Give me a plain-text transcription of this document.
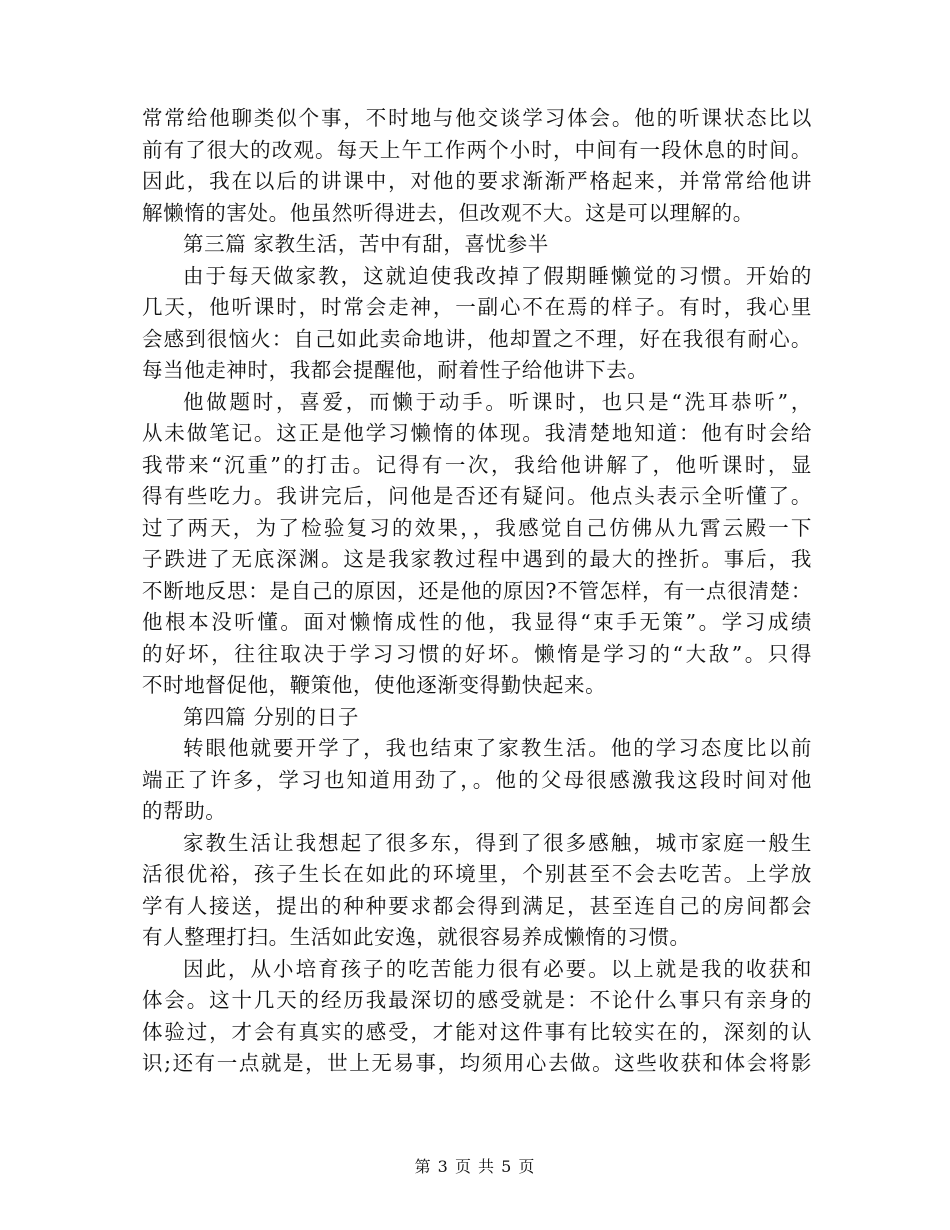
常常给他聊类似个事，不时地与他交谈学习体会。他的听课状态比以
前有了很大的改观。每天上午工作两个小时，中间有一段休息的时间。
因此，我在以后的讲课中，对他的要求渐渐严格起来，并常常给他讲
解懒惰的害处。他虽然听得进去，但改观不大。这是可以理解的。
第三篇 家教生活，苦中有甜，喜忧参半
由于每天做家教，这就迫使我改掉了假期睡懒觉的习惯。开始的
几天，他听课时，时常会走神，一副心不在焉的样子。有时，我心里
会感到很恼火：自己如此卖命地讲，他却置之不理，好在我很有耐心。
每当他走神时，我都会提醒他，耐着性子给他讲下去。
他做题时，喜爱，而懒于动手。听课时，也只是“洗耳恭听”，
从未做笔记。这正是他学习懒惰的体现。我清楚地知道：他有时会给
我带来“沉重”的打击。记得有一次，我给他讲解了，他听课时，显
得有些吃力。我讲完后，问他是否还有疑问。他点头表示全听懂了。
过了两天，为了检验复习的效果，，我感觉自己仿佛从九霄云殿一下
子跌进了无底深渊。这是我家教过程中遇到的最大的挫折。事后，我
不断地反思：是自己的原因，还是他的原因?不管怎样，有一点很清楚：
他根本没听懂。面对懒惰成性的他，我显得“束手无策”。学习成绩
的好坏，往往取决于学习习惯的好坏。懒惰是学习的“大敌”。只得
不时地督促他，鞭策他，使他逐渐变得勤快起来。
第四篇 分别的日子
转眼他就要开学了，我也结束了家教生活。他的学习态度比以前
端正了许多，学习也知道用劲了，。他的父母很感激我这段时间对他
的帮助。
家教生活让我想起了很多东，得到了很多感触，城市家庭一般生
活很优裕，孩子生长在如此的环境里，个别甚至不会去吃苦。上学放
学有人接送，提出的种种要求都会得到满足，甚至连自己的房间都会
有人整理打扫。生活如此安逸，就很容易养成懒惰的习惯。
因此，从小培育孩子的吃苦能力很有必要。以上就是我的收获和
体会。这十几天的经历我最深切的感受就是：不论什么事只有亲身的
体验过，才会有真实的感受，才能对这件事有比较实在的，深刻的认
识;还有一点就是，世上无易事，均须用心去做。这些收获和体会将影
第 3 页 共 5 页
